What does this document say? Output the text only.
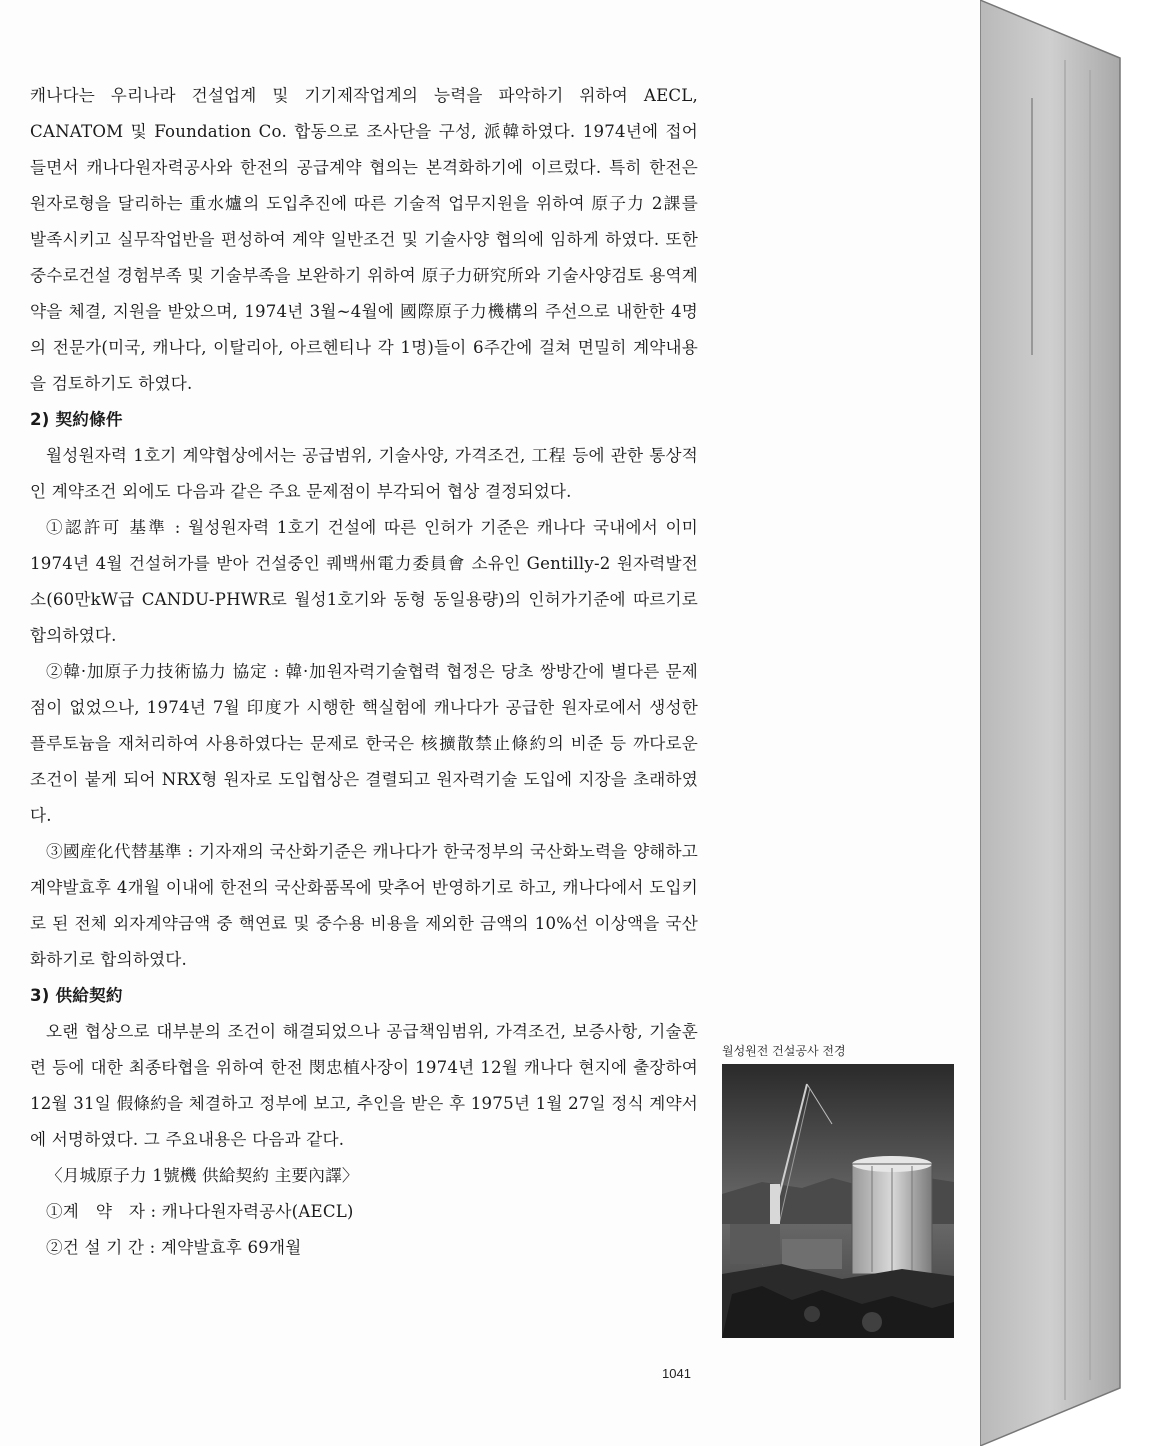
캐나다는 우리나라 건설업계 및 기기제작업계의 능력을 파악하기 위하여 AECL, CANATOM 및 Foundation Co. 합동으로 조사단을 구성, 派韓하였다. 1974년에 접어 들면서 캐나다원자력공사와 한전의 공급계약 협의는 본격화하기에 이르렀다. 특히 한전은 원자로형을 달리하는 重水爐의 도입추진에 따른 기술적 업무지원을 위하여 原子力 2課를 발족시키고 실무작업반을 편성하여 계약 일반조건 및 기술사양 협의에 임하게 하였다. 또한 중수로건설 경험부족 및 기술부족을 보완하기 위하여 原子力研究所와 기술사양검토 용역계약을 체결, 지원을 받았으며, 1974년 3월~4월에 國際原子力機構의 주선으로 내한한 4명의 전문가(미국, 캐나다, 이탈리아, 아르헨티나 각 1명)들이 6주간에 걸쳐 면밀히 계약내용을 검토하기도 하였다.

2) 契約條件

월성원자력 1호기 계약협상에서는 공급범위, 기술사양, 가격조건, 工程 등에 관한 통상적인 계약조건 외에도 다음과 같은 주요 문제점이 부각되어 협상 결정되었다.

①認許可 基準 : 월성원자력 1호기 건설에 따른 인허가 기준은 캐나다 국내에서 이미 1974년 4월 건설허가를 받아 건설중인 퀘백州電力委員會 소유인 Gentilly-2 원자력발전소(60만kW급 CANDU-PHWR로 월성1호기와 동형 동일용량)의 인허가기준에 따르기로 합의하였다.

②韓·加原子力技術協力 協定 : 韓·加원자력기술협력 협정은 당초 쌍방간에 별다른 문제점이 없었으나, 1974년 7월 印度가 시행한 핵실험에 캐나다가 공급한 원자로에서 생성한 플루토늄을 재처리하여 사용하였다는 문제로 한국은 核擴散禁止條約의 비준 등 까다로운 조건이 붙게 되어 NRX형 원자로 도입협상은 결렬되고 원자력기술 도입에 지장을 초래하였다.

③國産化代替基準 : 기자재의 국산화기준은 캐나다가 한국정부의 국산화노력을 양해하고 계약발효후 4개월 이내에 한전의 국산화품목에 맞추어 반영하기로 하고, 캐나다에서 도입키로 된 전체 외자계약금액 중 핵연료 및 중수용 비용을 제외한 금액의 10%선 이상액을 국산화하기로 합의하였다.

3) 供給契約

오랜 협상으로 대부분의 조건이 해결되었으나 공급책임범위, 가격조건, 보증사항, 기술훈련 등에 대한 최종타협을 위하여 한전 閔忠植사장이 1974년 12월 캐나다 현지에 출장하여 12월 31일 假條約을 체결하고 정부에 보고, 추인을 받은 후 1975년 1월 27일 정식 계약서에 서명하였다. 그 주요내용은 다음과 같다.

〈月城原子力 1號機 供給契約 主要內譯〉

①계　약　자 : 캐나다원자력공사(AECL)

②건 설 기 간 : 계약발효후 69개월

월성원전 건설공사 전경
1041
